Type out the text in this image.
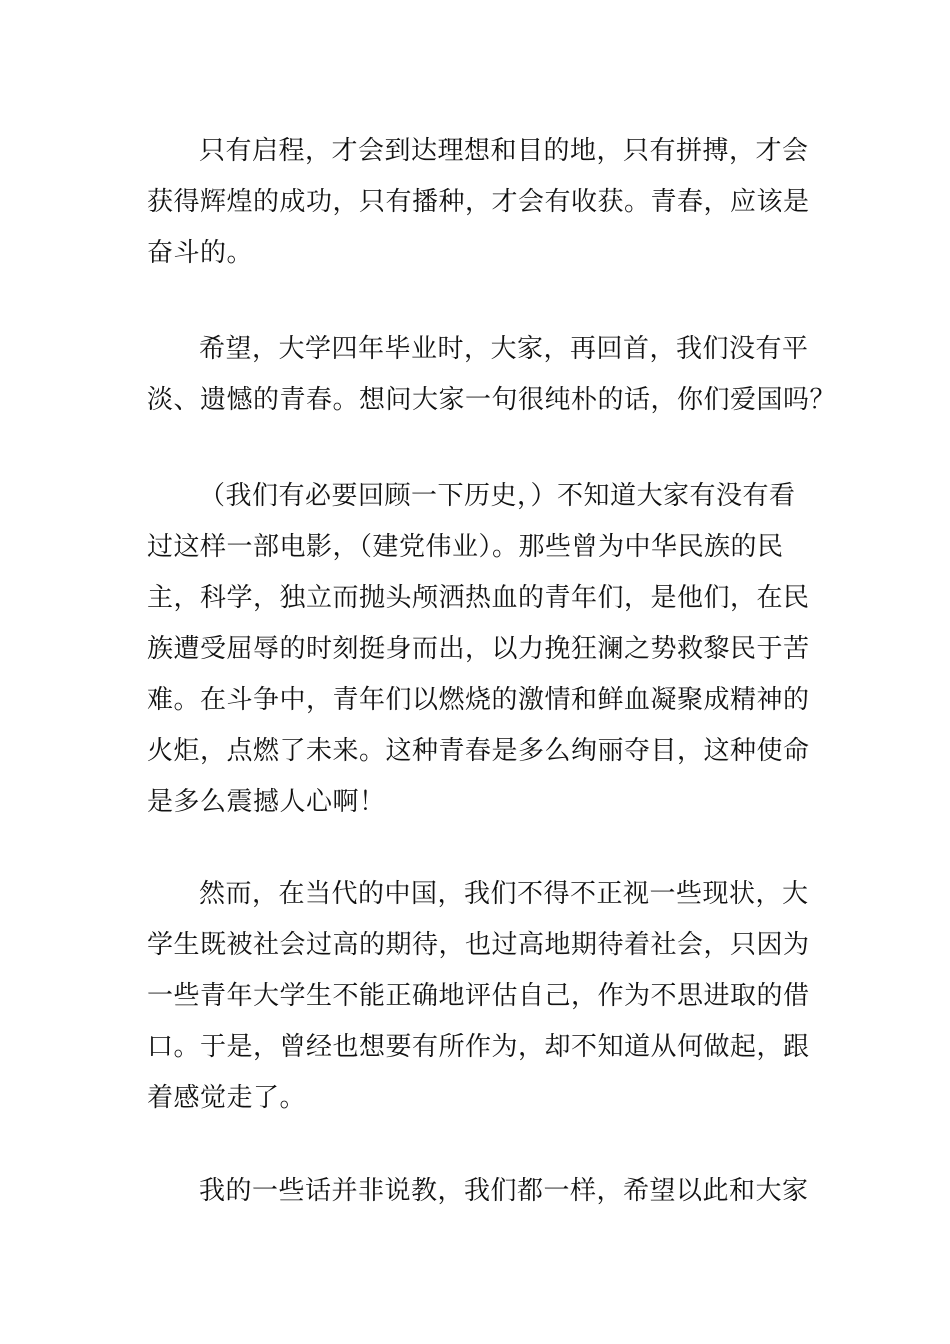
只有启程，才会到达理想和目的地，只有拼搏，才会
获得辉煌的成功，只有播种，才会有收获。青春，应该是
奋斗的。
希望，大学四年毕业时，大家，再回首，我们没有平
淡、遗憾的青春。想问大家一句很纯朴的话，你们爱国吗？
（我们有必要回顾一下历史，）不知道大家有没有看
过这样一部电影，（建党伟业）。那些曾为中华民族的民
主，科学，独立而抛头颅洒热血的青年们，是他们，在民
族遭受屈辱的时刻挺身而出，以力挽狂澜之势救黎民于苦
难。在斗争中，青年们以燃烧的激情和鲜血凝聚成精神的
火炬，点燃了未来。这种青春是多么绚丽夺目，这种使命
是多么震撼人心啊！
然而，在当代的中国，我们不得不正视一些现状，大
学生既被社会过高的期待，也过高地期待着社会，只因为
一些青年大学生不能正确地评估自己，作为不思进取的借
口。于是，曾经也想要有所作为，却不知道从何做起，跟
着感觉走了。
我的一些话并非说教，我们都一样，希望以此和大家
